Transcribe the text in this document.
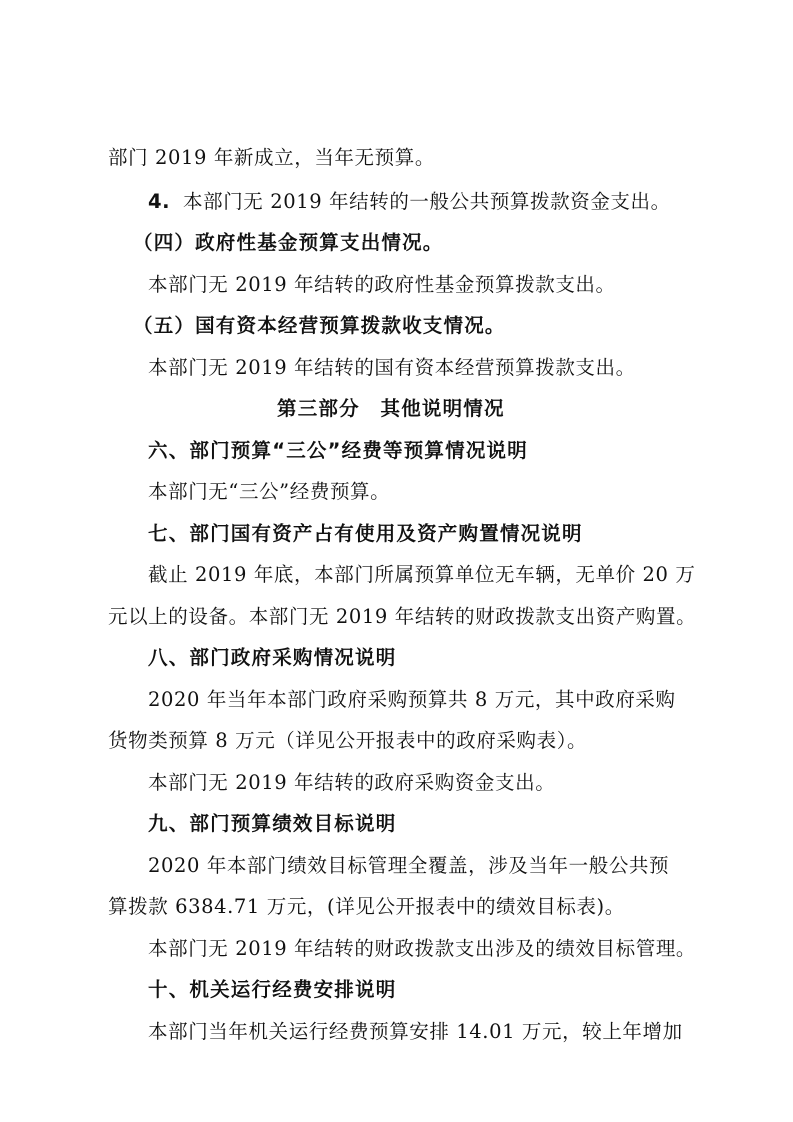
部门 2019 年新成立，当年无预算。
4. 本部门无 2019 年结转的一般公共预算拨款资金支出。
（四）政府性基金预算支出情况。
本部门无 2019 年结转的政府性基金预算拨款支出。
（五）国有资本经营预算拨款收支情况。
本部门无 2019 年结转的国有资本经营预算拨款支出。
第三部分　其他说明情况
六、部门预算“三公”经费等预算情况说明
本部门无“三公”经费预算。
七、部门国有资产占有使用及资产购置情况说明
截止 2019 年底，本部门所属预算单位无车辆，无单价 20 万
元以上的设备。本部门无 2019 年结转的财政拨款支出资产购置。
八、部门政府采购情况说明
2020 年当年本部门政府采购预算共 8 万元，其中政府采购
货物类预算 8 万元（详见公开报表中的政府采购表）。
本部门无 2019 年结转的政府采购资金支出。
九、部门预算绩效目标说明
2020 年本部门绩效目标管理全覆盖，涉及当年一般公共预
算拨款 6384.71 万元，(详见公开报表中的绩效目标表)。
本部门无 2019 年结转的财政拨款支出涉及的绩效目标管理。
十、机关运行经费安排说明
本部门当年机关运行经费预算安排 14.01 万元，较上年增加
